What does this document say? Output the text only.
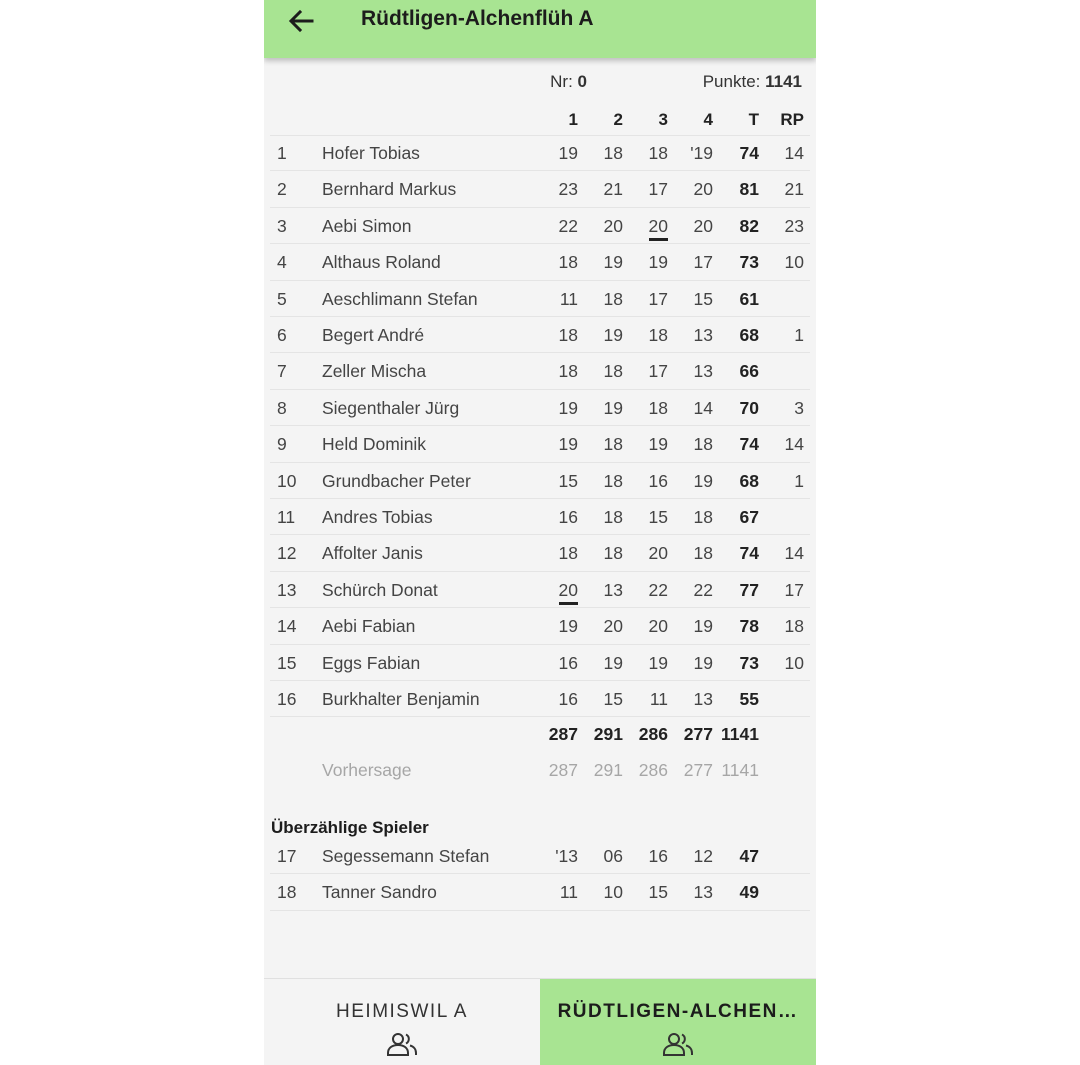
Rüdtligen-Alchenflüh A
Nr: 0	Punkte: 1141
1 2 3 4 T RP
1 Hofer Tobias	19 18 18 '19 74 14
2 Bernhard Markus	23 21 17 20 81 21
3 Aebi Simon	22 20 20 20 82 23
4 Althaus Roland	18 19 19 17 73 10
5 Aeschlimann Stefan	11 18 17 15 61
6 Begert André	18 19 18 13 68 1
7 Zeller Mischa	18 18 17 13 66
8 Siegenthaler Jürg	19 19 18 14 70 3
9 Held Dominik	19 18 19 18 74 14
10 Grundbacher Peter	15 18 16 19 68 1
11 Andres Tobias	16 18 15 18 67
12 Affolter Janis	18 18 20 18 74 14
13 Schürch Donat	20 13 22 22 77 17
14 Aebi Fabian	19 20 20 19 78 18
15 Eggs Fabian	16 19 19 19 73 10
16 Burkhalter Benjamin	16 15 11 13 55
287 291 286 277 1141
Vorhersage	287 291 286 277 1141
Überzählige Spieler
17 Segessemann Stefan	'13 06 16 12 47
18 Tanner Sandro	11 10 15 13 49
HEIMISWIL A	RÜDTLIGEN-ALCHEN…
